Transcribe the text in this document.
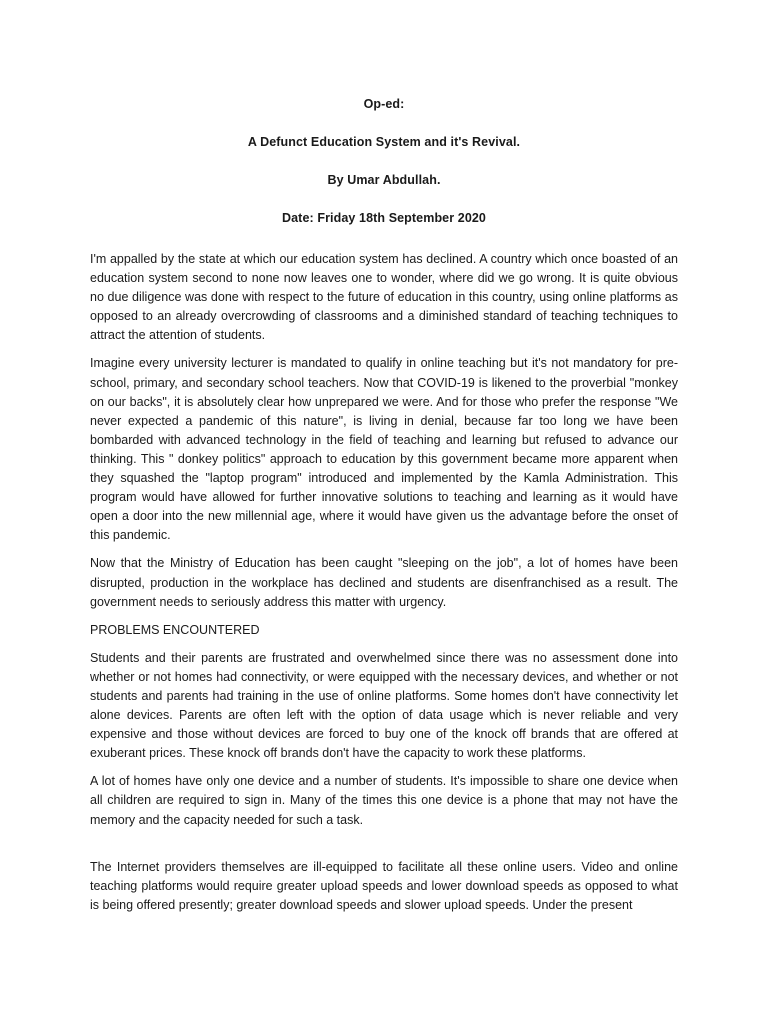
Op-ed:
A Defunct Education System and it's Revival.
By Umar Abdullah.
Date: Friday 18th September 2020

I'm appalled by the state at which our education system has declined. A country which once boasted of an education system second to none now leaves one to wonder, where did we go wrong. It is quite obvious no due diligence was done with respect to the future of education in this country, using online platforms as opposed to an already overcrowding of classrooms and a diminished standard of teaching techniques to attract the attention of students.

Imagine every university lecturer is mandated to qualify in online teaching but it's not mandatory for pre-school, primary, and secondary school teachers. Now that COVID-19 is likened to the proverbial "monkey on our backs", it is absolutely clear how unprepared we were. And for those who prefer the response "We never expected a pandemic of this nature", is living in denial, because far too long we have been bombarded with advanced technology in the field of teaching and learning but refused to advance our thinking. This " donkey politics" approach to education by this government became more apparent when they squashed the "laptop program" introduced and implemented by the Kamla Administration. This program would have allowed for further innovative solutions to teaching and learning as it would have open a door into the new millennial age, where it would have given us the advantage before the onset of this pandemic.

Now that the Ministry of Education has been caught "sleeping on the job", a lot of homes have been disrupted, production in the workplace has declined and students are disenfranchised as a result. The government needs to seriously address this matter with urgency.

PROBLEMS ENCOUNTERED

Students and their parents are frustrated and overwhelmed since there was no assessment done into whether or not homes had connectivity, or were equipped with the necessary devices, and whether or not students and parents had training in the use of online platforms. Some homes don't have connectivity let alone devices. Parents are often left with the option of data usage which is never reliable and very expensive and those without devices are forced to buy one of the knock off brands that are offered at exuberant prices. These knock off brands don't have the capacity to work these platforms.

A lot of homes have only one device and a number of students. It's impossible to share one device when all children are required to sign in. Many of the times this one device is a phone that may not have the memory and the capacity needed for such a task.

The Internet providers themselves are ill-equipped to facilitate all these online users. Video and online teaching platforms would require greater upload speeds and lower download speeds as opposed to what is being offered presently; greater download speeds and slower upload speeds. Under the present
